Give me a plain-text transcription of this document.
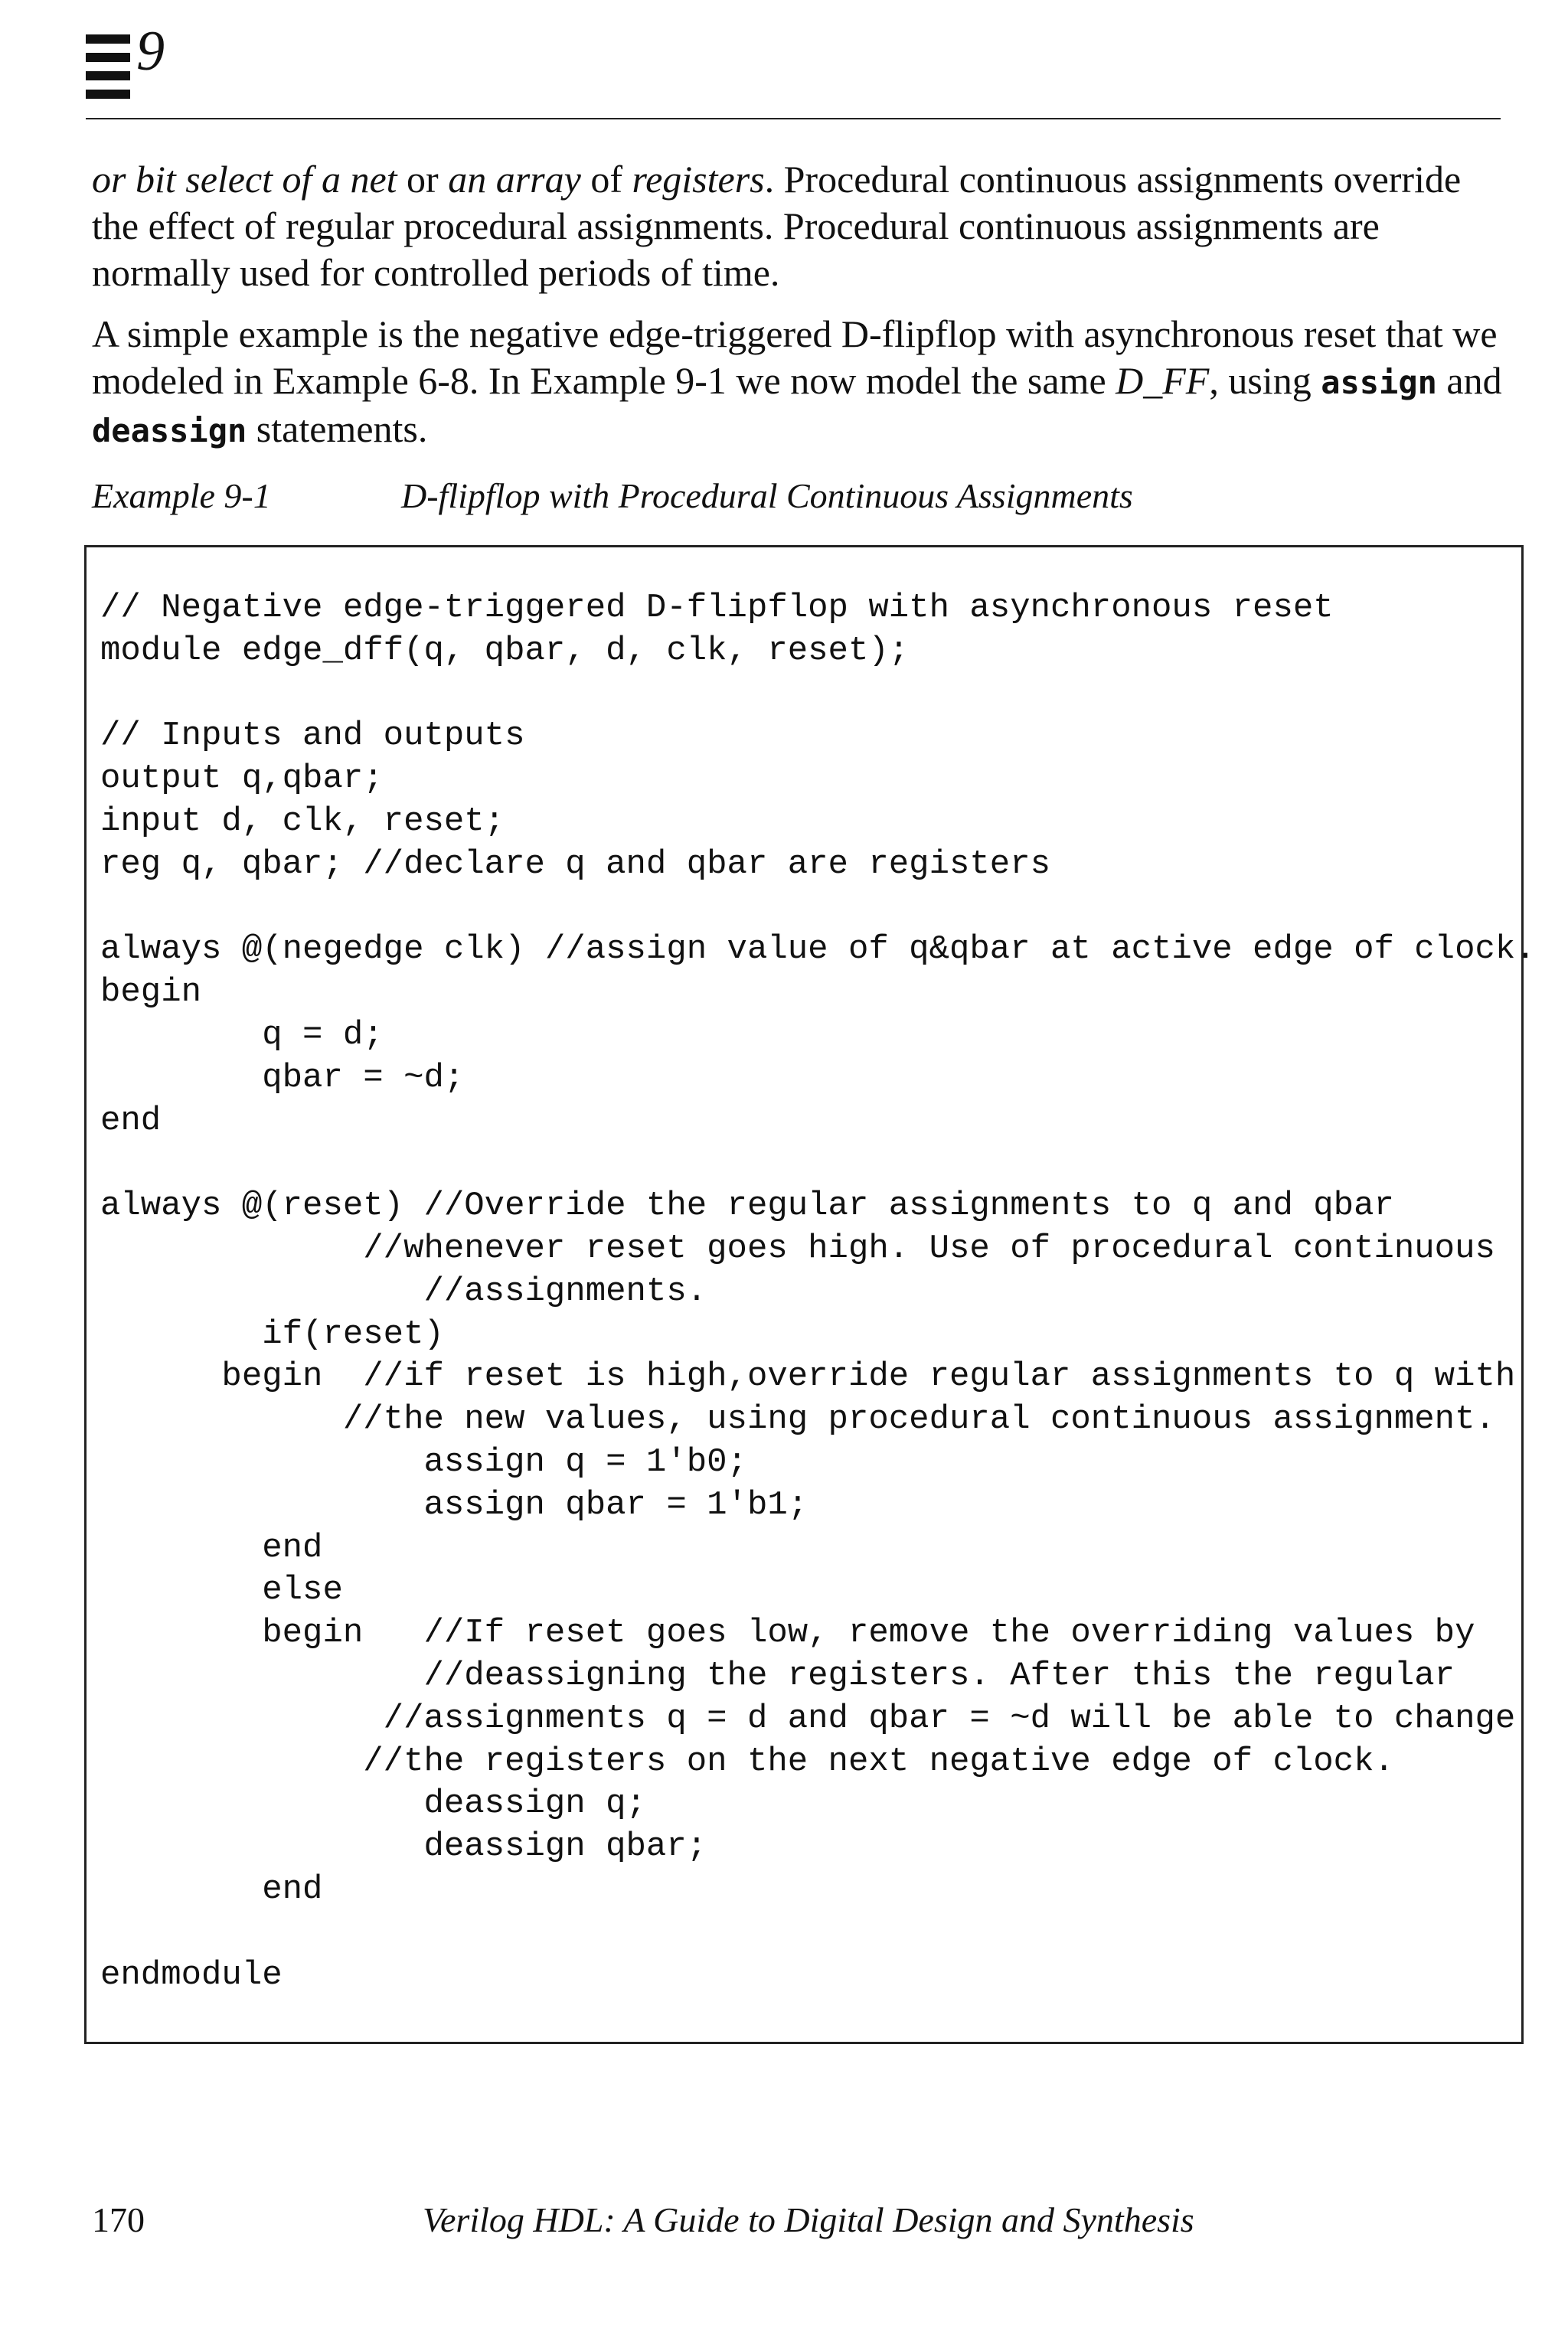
9

or bit select of a net or an array of registers. Procedural continuous assignments override the effect of regular procedural assignments. Procedural continuous assignments are normally used for controlled periods of time.

A simple example is the negative edge-triggered D-flipflop with asynchronous reset that we modeled in Example 6-8. In Example 9-1 we now model the same D_FF, using assign and deassign statements.

Example 9-1	D-flipflop with Procedural Continuous Assignments
// Negative edge-triggered D-flipflop with asynchronous reset
module edge_dff(q, qbar, d, clk, reset);

// Inputs and outputs
output q,qbar;
input d, clk, reset;
reg q, qbar; //declare q and qbar are registers

always @(negedge clk) //assign value of q&qbar at active edge of clock.
begin
q = d;
qbar = ~d;
end

always @(reset) //Override the regular assignments to q and qbar
//whenever reset goes high. Use of procedural continuous
//assignments.
if(reset)
begin  //if reset is high,override regular assignments to q with
//the new values, using procedural continuous assignment.
assign q = 1'b0;
assign qbar = 1'b1;
end
else
begin   //If reset goes low, remove the overriding values by
//deassigning the registers. After this the regular
//assignments q = d and qbar = ~d will be able to change
//the registers on the next negative edge of clock.
deassign q;
deassign qbar;
end

endmodule
170	Verilog HDL: A Guide to Digital Design and Synthesis
